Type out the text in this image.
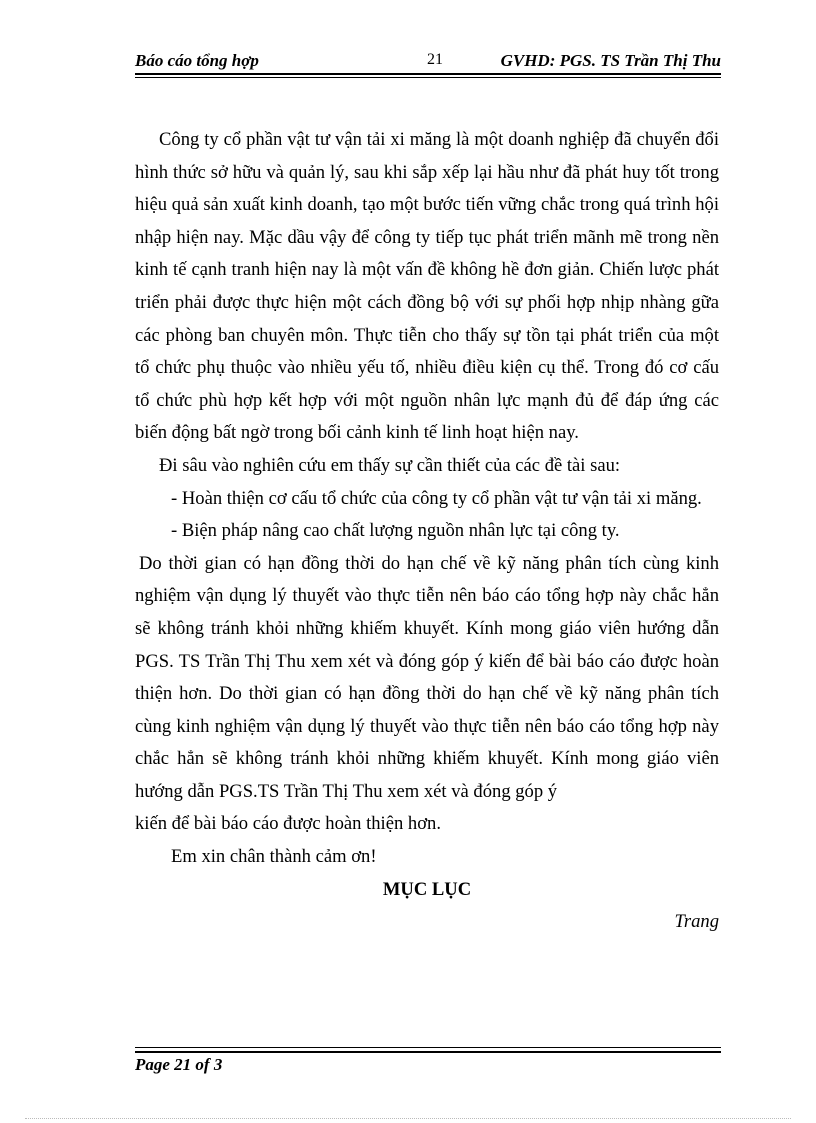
Báo cáo tổng hợp	21	GVHD: PGS. TS Trần Thị Thu

Công ty cổ phần vật tư vận tải xi măng là một doanh nghiệp đã chuyển đổi hình thức sở hữu và quản lý, sau khi sắp xếp lại hầu như đã phát huy tốt trong hiệu quả sản xuất kinh doanh, tạo một bước tiến vững chắc trong quá trình hội nhập hiện nay. Mặc dầu vậy để công ty tiếp tục phát triển mãnh mẽ trong nền kinh tế cạnh tranh hiện nay là một vấn đề không hề đơn giản. Chiến lược phát triển phải được thực hiện một cách đồng bộ với sự phối hợp nhịp nhàng gữa các phòng ban chuyên môn. Thực tiễn cho thấy sự tồn tại phát triển của một tổ chức phụ thuộc vào nhiều yếu tố, nhiều điều kiện cụ thể. Trong đó cơ cấu tổ chức phù hợp kết hợp với một nguồn nhân lực mạnh đủ để đáp ứng các biến động bất ngờ trong bối cảnh kinh tế linh hoạt hiện nay.

Đi sâu vào nghiên cứu em thấy sự cần thiết của các đề tài sau:

- Hoàn thiện cơ cấu tổ chức của công ty cổ phần vật tư vận tải xi măng.

- Biện pháp nâng cao chất lượng nguồn nhân lực tại công ty.

Do thời gian có hạn đồng thời do hạn chế về kỹ năng phân tích cùng kinh nghiệm vận dụng lý thuyết vào thực tiễn nên báo cáo tổng hợp này chắc hẳn sẽ không tránh khỏi những khiếm khuyết. Kính mong giáo viên hướng dẫn PGS. TS Trần Thị Thu xem xét và đóng góp ý kiến để bài báo cáo được hoàn thiện hơn. Do thời gian có hạn đồng thời do hạn chế về kỹ năng phân tích cùng kinh nghiệm vận dụng lý thuyết vào thực tiễn nên báo cáo tổng hợp này chắc hẳn sẽ không tránh khỏi những khiếm khuyết. Kính mong giáo viên hướng dẫn PGS.TS Trần Thị Thu xem xét và đóng góp ý

kiến để bài báo cáo được hoàn thiện hơn.

Em xin chân thành cảm ơn!

MỤC LỤC

Trang

Page 21 of 3
